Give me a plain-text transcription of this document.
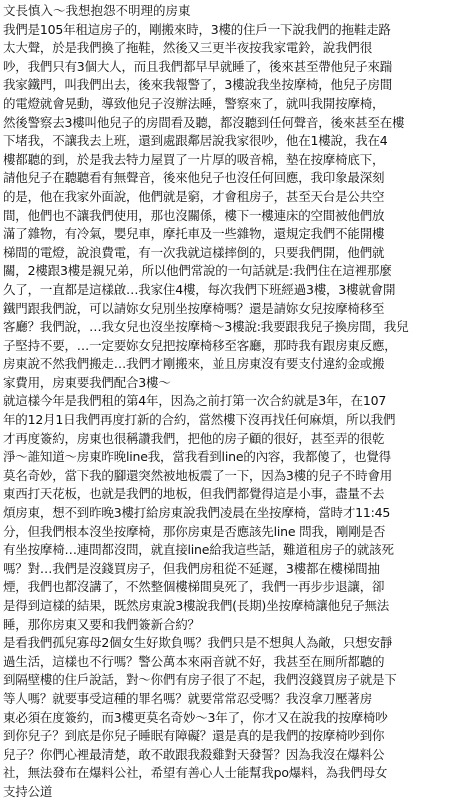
文長慎入～我想抱怨不明理的房東

我們是105年租這房子的，剛搬來時，3樓的住戶一下說我們的拖鞋走路
太大聲，於是我們換了拖鞋，然後又三更半夜按我家電鈴，說我們很
吵，我們只有3個大人，而且我們都早早就睡了，後來甚至帶他兒子來踹
我家鐵門，叫我們出去，後來我報警了，3樓說我坐按摩椅，他兒子房間
的電燈就會晃動，導致他兒子沒辦法睡，警察來了，就叫我開按摩椅，
然後警察去3樓叫他兒子的房間看及聽，都沒聽到任何聲音，後來甚至在樓
下堵我，不讓我去上班，還到處跟鄰居說我家很吵，他在1樓說，我在4
樓都聽的到，於是我去特力屋買了一片厚的吸音棉，墊在按摩椅底下，
請他兒子在聽聽看有無聲音，後來他兒子也沒任何回應，我印象最深刻
的是，他在我家外面說，他們就是窮，才會租房子，甚至天台是公共空
間，他們也不讓我們使用，那也沒關係，樓下一樓連床的空間被他們放
滿了雜物，有冷氣，嬰兒車，摩托車及一些雜物，還規定我們不能開樓
梯間的電燈，說浪費電，有一次我就這樣摔倒的，只要我們開，他們就
關，2樓跟3樓是親兄弟，所以他們常說的一句話就是:我們住在這裡那麼
久了，一直都是這樣啟…我家住4樓，每次我們下班經過3樓，3樓就會開
鐵門跟我們說，可以請妳女兒別坐按摩椅嗎？還是請妳女兒按摩椅移至
客廳？我們說，…我女兒也沒坐按摩椅～3樓說:我要跟我兒子換房間，我兒
子堅持不要，…一定要妳女兒把按摩椅移至客廳，那時我有跟房東反應，
房東說不然我們搬走…我們才剛搬來，並且房東沒有要支付違約金或搬
家費用，房東要我們配合3樓～

就這樣今年是我們租的第4年，因為之前打第一次合約就是3年，在107
年的12月1日我們再度打新的合約，當然樓下沒再找任何麻煩，所以我們
才再度簽約，房東也很稱讚我們，把他的房子顧的很好，甚至弄的很乾
淨～誰知道～房東昨晚line我，當我看到line的內容，我都傻了，也覺得
莫名奇妙，當下我的腳還突然被地板震了一下，因為3樓的兒子不時會用
東西打天花板，也就是我們的地板，但我們都覺得這是小事，盡量不去
煩房東，想不到昨晚3樓打給房東說我們凌晨在坐按摩椅，當時才11:45
分，但我們根本沒坐按摩椅，那你房東是否應該先line 問我，剛剛是否
有坐按摩椅…連問都沒問，就直接line給我這些話，難道租房子的就該死
嗎？對…我們是沒錢買房子，但我們房租從不延遲，3樓都在樓梯間抽
煙，我們也都沒講了，不然整個樓梯間臭死了，我們一再步步退讓，卻
是得到這樣的結果，既然房東說3樓說我們(長期)坐按摩椅讓他兒子無法
睡，那你房東又要和我們簽新合約？

是看我們孤兒寡母2個女生好欺負嗎？我們只是不想與人為敵，只想安靜
過生活，這樣也不行嗎？警公萬本來兩音就不好，我甚至在厠所都聽的
到隔壁樓的住戶說話，對～你們有房子很了不起，我們沒錢買房子就是下
等人嗎？就要事受這種的罪名嗎？就要常常忍受嗎？我沒拿刀壓著房
東必須在度簽約，而3樓更莫名奇妙～3年了，你才又在說我的按摩椅吵
到你兒子？到底是你兒子睡眠有障礙？還是真的是我們的按摩椅吵到你
兒子？你們心裡最清楚，敢不敢跟我殺雞對天發誓？因為我沒在爆料公
社，無法發布在爆料公社，希望有善心人士能幫我po爆料，為我們母女
支持公道
